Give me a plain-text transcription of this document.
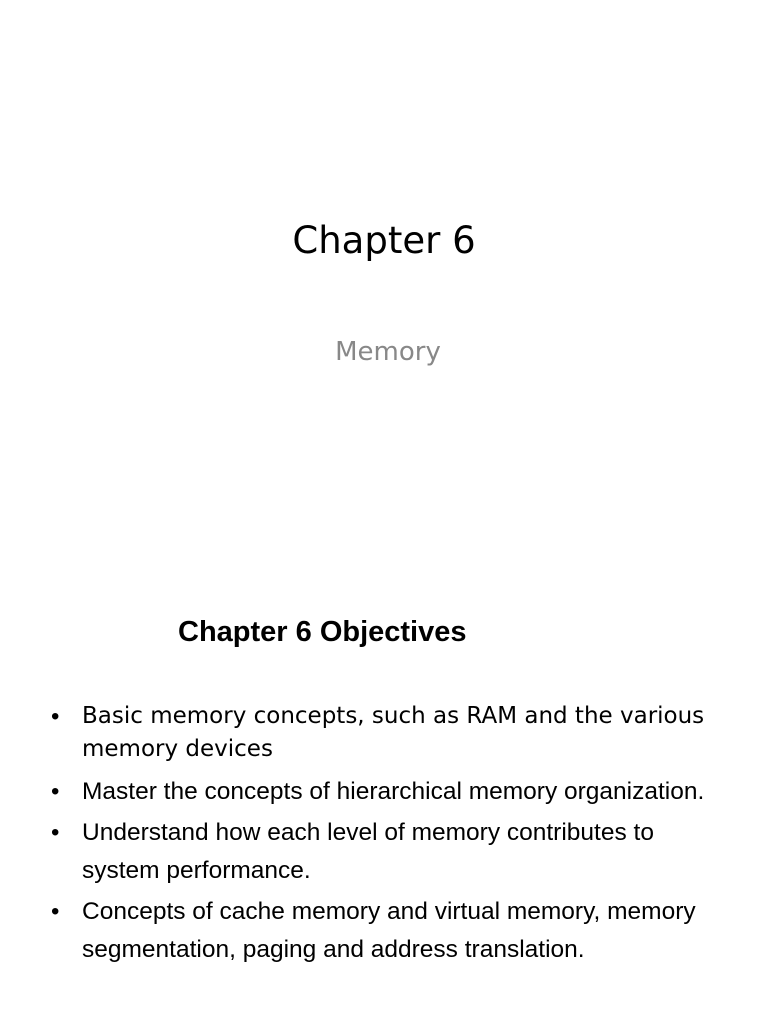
Chapter 6
Memory
Chapter 6 Objectives
• Basic memory concepts, such as RAM and the various memory devices
• Master the concepts of hierarchical memory organization.
• Understand how each level of memory contributes to system performance.
• Concepts of cache memory and virtual memory, memory segmentation, paging and address translation.
